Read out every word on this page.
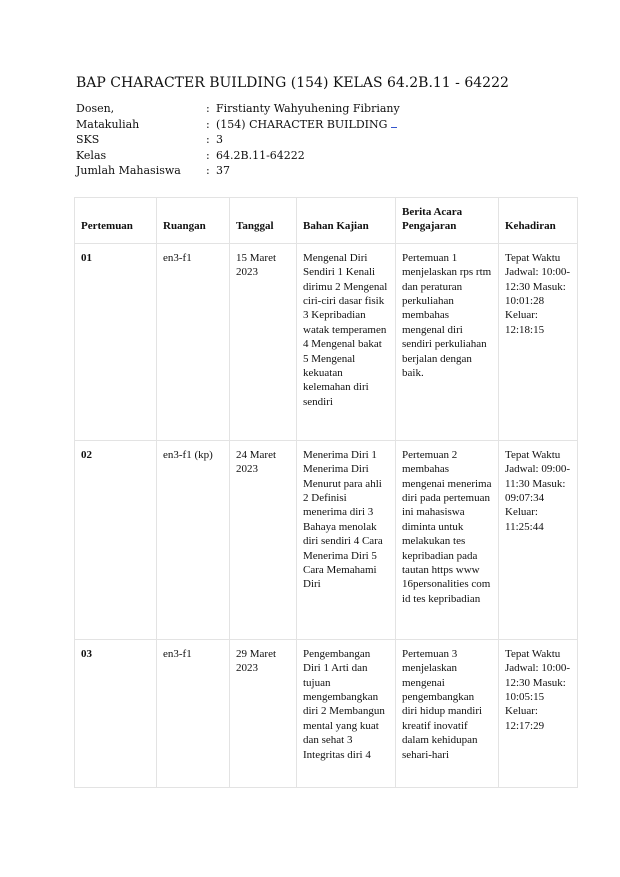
BAP CHARACTER BUILDING (154) KELAS 64.2B.11 - 64222
Dosen,	: Firstianty Wahyuhening Fibriany
Matakuliah	: (154) CHARACTER BUILDING
SKS	: 3
Kelas	: 64.2B.11-64222
Jumlah Mahasiswa	: 37
Pertemuan	Ruangan	Tanggal	Bahan Kajian	Berita Acara Pengajaran	Kehadiran
01	en3-f1	15 Maret 2023	Mengenal Diri Sendiri 1 Kenali dirimu 2 Mengenal ciri-ciri dasar fisik 3 Kepribadian watak temperamen 4 Mengenal bakat 5 Mengenal kekuatan kelemahan diri sendiri	Pertemuan 1 menjelaskan rps rtm dan peraturan perkuliahan membahas mengenal diri sendiri perkuliahan berjalan dengan baik.	Tepat Waktu Jadwal: 10:00-12:30 Masuk: 10:01:28 Keluar: 12:18:15
02	en3-f1 (kp)	24 Maret 2023	Menerima Diri 1 Menerima Diri Menurut para ahli 2 Definisi menerima diri 3 Bahaya menolak diri sendiri 4 Cara Menerima Diri 5 Cara Memahami Diri	Pertemuan 2 membahas mengenai menerima diri pada pertemuan ini mahasiswa diminta untuk melakukan tes kepribadian pada tautan https www 16personalities com id tes kepribadian	Tepat Waktu Jadwal: 09:00-11:30 Masuk: 09:07:34 Keluar: 11:25:44
03	en3-f1	29 Maret 2023	Pengembangan Diri 1 Arti dan tujuan mengembangkan diri 2 Membangun mental yang kuat dan sehat 3 Integritas diri 4	Pertemuan 3 menjelaskan mengenai pengembangkan diri hidup mandiri kreatif inovatif dalam kehidupan sehari-hari	Tepat Waktu Jadwal: 10:00-12:30 Masuk: 10:05:15 Keluar: 12:17:29
